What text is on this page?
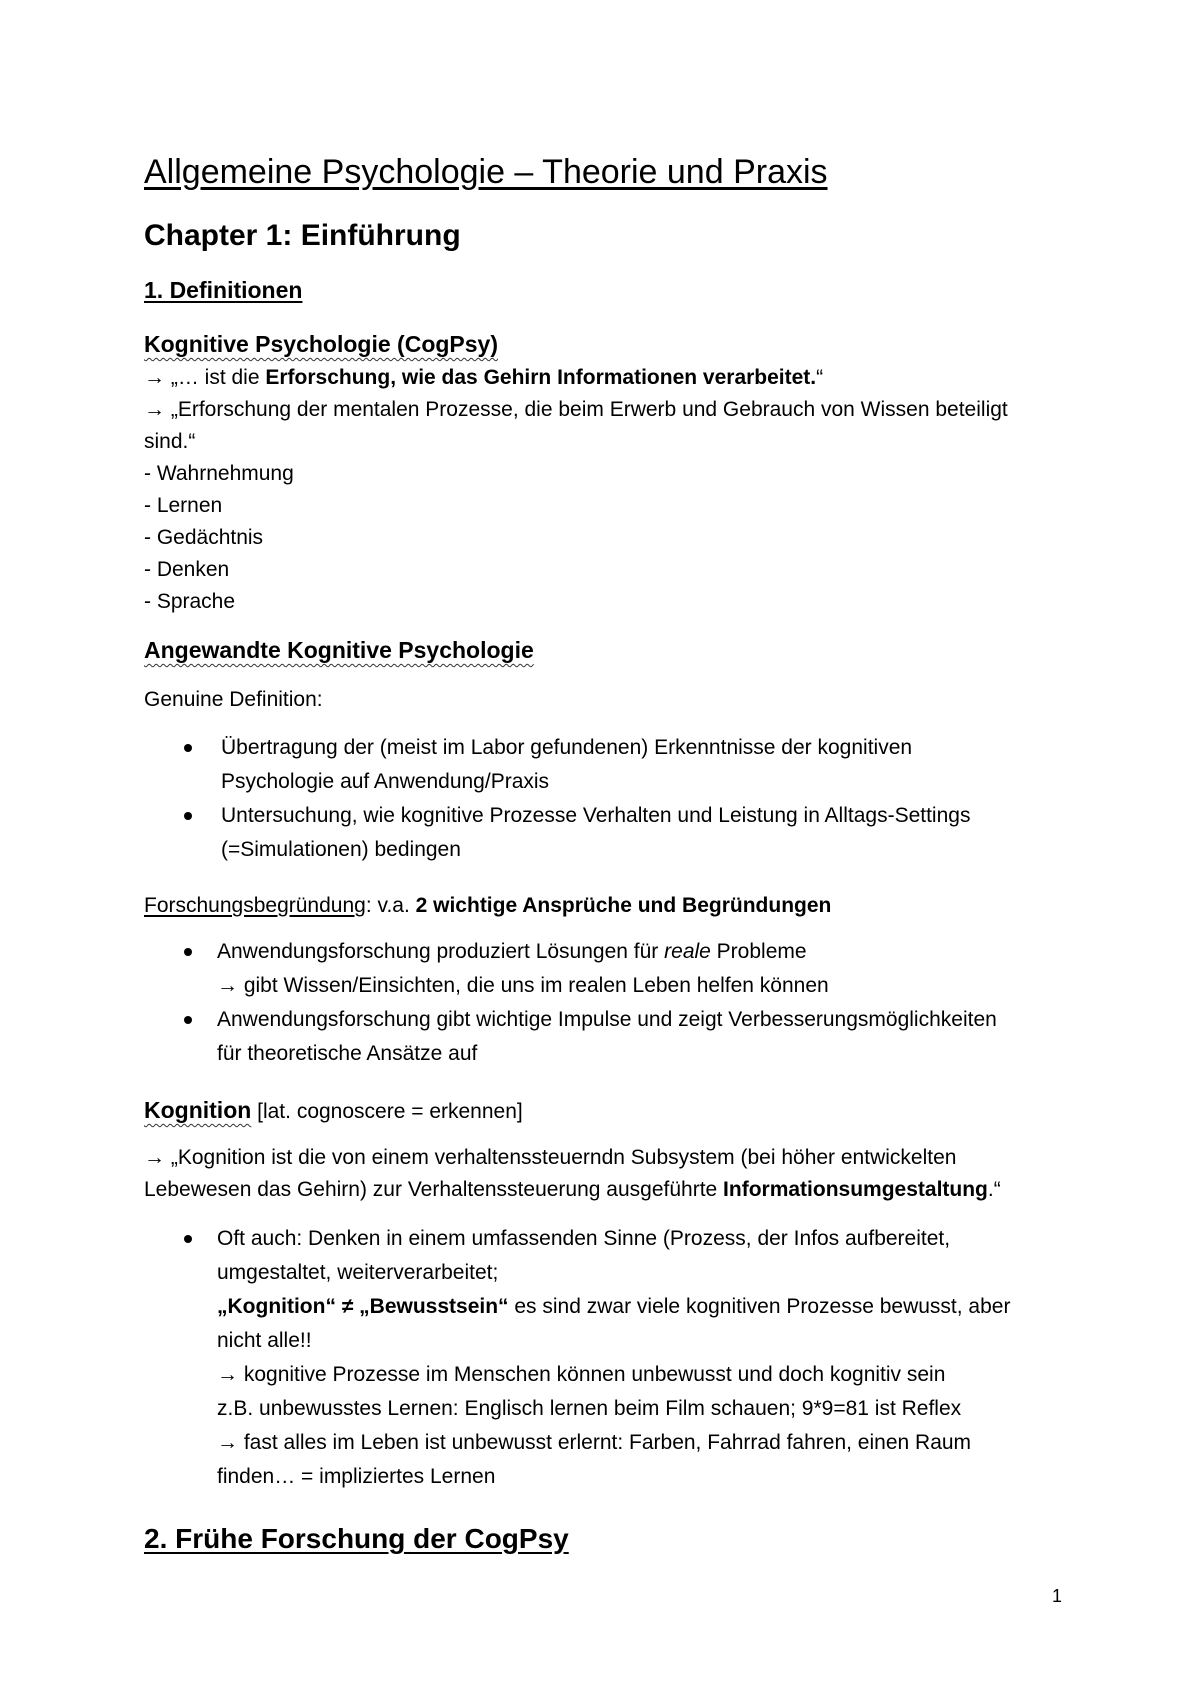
Allgemeine Psychologie – Theorie und Praxis
Chapter 1: Einführung
1. Definitionen
Kognitive Psychologie (CogPsy)
→ „… ist die Erforschung, wie das Gehirn Informationen verarbeitet.“
→ „Erforschung der mentalen Prozesse, die beim Erwerb und Gebrauch von Wissen beteiligt
sind.“
- Wahrnehmung
- Lernen
- Gedächtnis
- Denken
- Sprache
Angewandte Kognitive Psychologie
Genuine Definition:
Übertragung der (meist im Labor gefundenen) Erkenntnisse der kognitiven
Psychologie auf Anwendung/Praxis
Untersuchung, wie kognitive Prozesse Verhalten und Leistung in Alltags-Settings
(=Simulationen) bedingen
Forschungsbegründung: v.a. 2 wichtige Ansprüche und Begründungen
Anwendungsforschung produziert Lösungen für reale Probleme
→ gibt Wissen/Einsichten, die uns im realen Leben helfen können
Anwendungsforschung gibt wichtige Impulse und zeigt Verbesserungsmöglichkeiten
für theoretische Ansätze auf
Kognition [lat. cognoscere = erkennen]
→ „Kognition ist die von einem verhaltenssteuerndn Subsystem (bei höher entwickelten
Lebewesen das Gehirn) zur Verhaltenssteuerung ausgeführte Informationsumgestaltung.“
Oft auch: Denken in einem umfassenden Sinne (Prozess, der Infos aufbereitet,
umgestaltet, weiterverarbeitet;
„Kognition“ ≠ „Bewusstsein“ es sind zwar viele kognitiven Prozesse bewusst, aber
nicht alle!!
→ kognitive Prozesse im Menschen können unbewusst und doch kognitiv sein
z.B. unbewusstes Lernen: Englisch lernen beim Film schauen; 9*9=81 ist Reflex
→ fast alles im Leben ist unbewusst erlernt: Farben, Fahrrad fahren, einen Raum
finden… = impliziertes Lernen
2. Frühe Forschung der CogPsy
1
